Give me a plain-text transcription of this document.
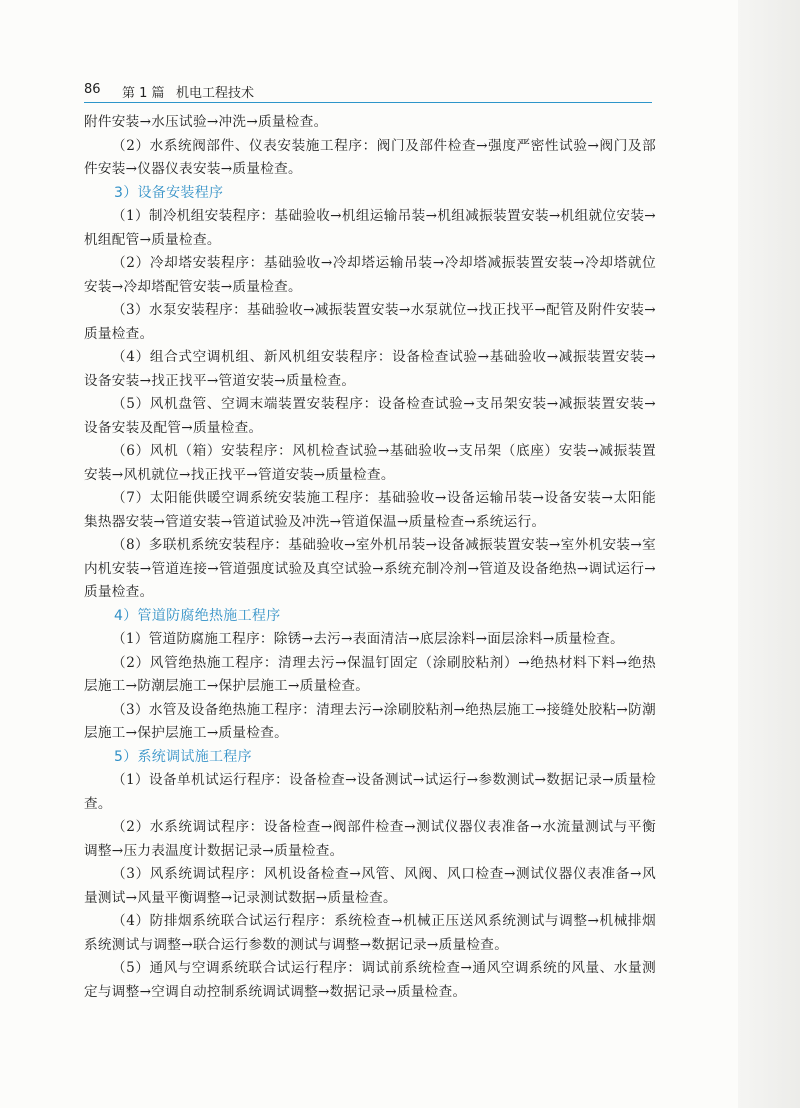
86 第 1 篇 机电工程技术

附件安装→水压试验→冲洗→质量检查。

（2）水系统阀部件、仪表安装施工程序：阀门及部件检查→强度严密性试验→阀门及部件安装→仪器仪表安装→质量检查。

3）设备安装程序

（1）制冷机组安装程序：基础验收→机组运输吊装→机组减振装置安装→机组就位安装→机组配管→质量检查。

（2）冷却塔安装程序：基础验收→冷却塔运输吊装→冷却塔减振装置安装→冷却塔就位安装→冷却塔配管安装→质量检查。

（3）水泵安装程序：基础验收→减振装置安装→水泵就位→找正找平→配管及附件安装→质量检查。

（4）组合式空调机组、新风机组安装程序：设备检查试验→基础验收→减振装置安装→设备安装→找正找平→管道安装→质量检查。

（5）风机盘管、空调末端装置安装程序：设备检查试验→支吊架安装→减振装置安装→设备安装及配管→质量检查。

（6）风机（箱）安装程序：风机检查试验→基础验收→支吊架（底座）安装→减振装置安装→风机就位→找正找平→管道安装→质量检查。

（7）太阳能供暖空调系统安装施工程序：基础验收→设备运输吊装→设备安装→太阳能集热器安装→管道安装→管道试验及冲洗→管道保温→质量检查→系统运行。

（8）多联机系统安装程序：基础验收→室外机吊装→设备减振装置安装→室外机安装→室内机安装→管道连接→管道强度试验及真空试验→系统充制冷剂→管道及设备绝热→调试运行→质量检查。

4）管道防腐绝热施工程序

（1）管道防腐施工程序：除锈→去污→表面清洁→底层涂料→面层涂料→质量检查。

（2）风管绝热施工程序：清理去污→保温钉固定（涂刷胶粘剂）→绝热材料下料→绝热层施工→防潮层施工→保护层施工→质量检查。

（3）水管及设备绝热施工程序：清理去污→涂刷胶粘剂→绝热层施工→接缝处胶粘→防潮层施工→保护层施工→质量检查。

5）系统调试施工程序

（1）设备单机试运行程序：设备检查→设备测试→试运行→参数测试→数据记录→质量检查。

（2）水系统调试程序：设备检查→阀部件检查→测试仪器仪表准备→水流量测试与平衡调整→压力表温度计数据记录→质量检查。

（3）风系统调试程序：风机设备检查→风管、风阀、风口检查→测试仪器仪表准备→风量测试→风量平衡调整→记录测试数据→质量检查。

（4）防排烟系统联合试运行程序：系统检查→机械正压送风系统测试与调整→机械排烟系统测试与调整→联合运行参数的测试与调整→数据记录→质量检查。

（5）通风与空调系统联合试运行程序：调试前系统检查→通风空调系统的风量、水量测定与调整→空调自动控制系统调试调整→数据记录→质量检查。
